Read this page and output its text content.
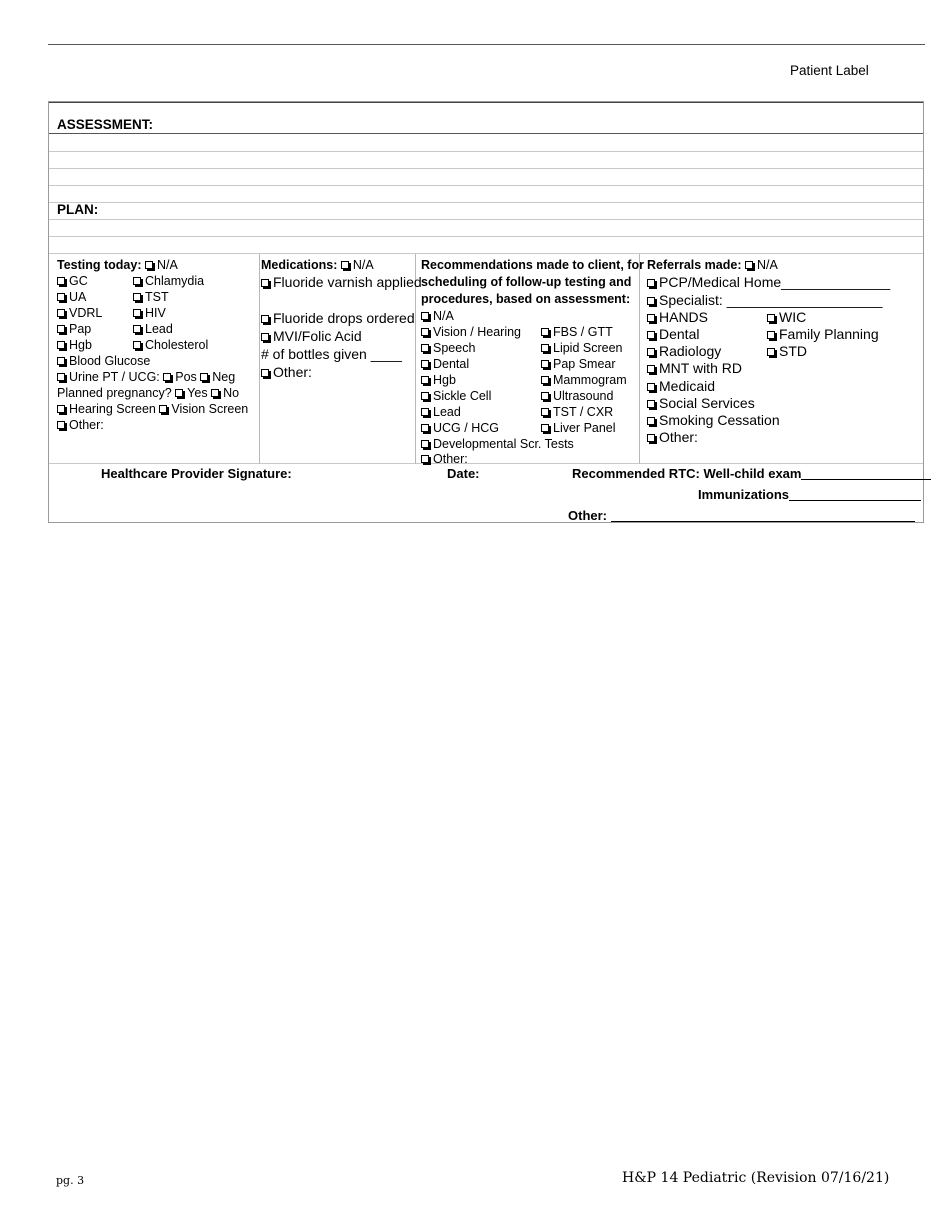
Patient Label
ASSESSMENT:
PLAN:
Testing today: N/A
GC	Chlamydia
UA	TST
VDRL	HIV
Pap	Lead
Hgb	Cholesterol
Blood Glucose
Urine PT / UCG: Pos Neg
Planned pregnancy? Yes No
Hearing Screen Vision Screen
Other:
Medications: N/A
Fluoride varnish applied
Fluoride drops ordered
MVI/Folic Acid
# of bottles given ____
Other:
Recommendations made to client, for
scheduling of follow-up testing and
procedures, based on assessment:
N/A
Vision / Hearing	FBS / GTT
Speech	Lipid Screen
Dental	Pap Smear
Hgb	Mammogram
Sickle Cell	Ultrasound
Lead	TST / CXR
UCG / HCG	Liver Panel
Developmental Scr. Tests
Other:
Referrals made: N/A
PCP/Medical Home______________
Specialist: ____________________
HANDS	WIC
Dental	Family Planning
Radiology	STD
MNT with RD
Medicaid
Social Services
Smoking Cessation
Other:
Healthcare Provider Signature:	Date:	Recommended RTC: Well-child exam
Immunizations
Other:
pg. 3	H&P 14 Pediatric (Revision 07/16/21)
